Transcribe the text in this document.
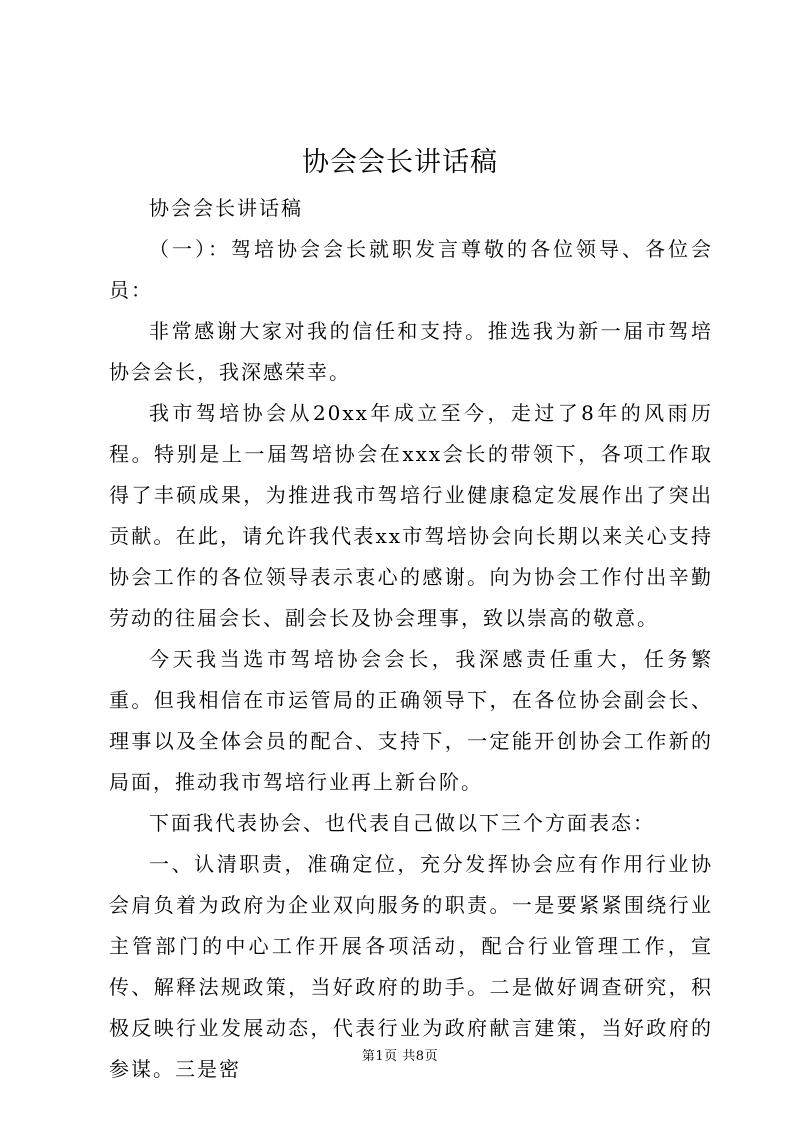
协会会长讲话稿

协会会长讲话稿

（一）：驾培协会会长就职发言尊敬的各位领导、各位会员：

非常感谢大家对我的信任和支持。推选我为新一届市驾培协会会长，我深感荣幸。

我市驾培协会从20xx年成立至今，走过了8年的风雨历程。特别是上一届驾培协会在xxx会长的带领下，各项工作取得了丰硕成果，为推进我市驾培行业健康稳定发展作出了突出贡献。在此，请允许我代表xx市驾培协会向长期以来关心支持协会工作的各位领导表示衷心的感谢。向为协会工作付出辛勤劳动的往届会长、副会长及协会理事，致以崇高的敬意。

今天我当选市驾培协会会长，我深感责任重大，任务繁重。但我相信在市运管局的正确领导下，在各位协会副会长、理事以及全体会员的配合、支持下，一定能开创协会工作新的局面，推动我市驾培行业再上新台阶。

下面我代表协会、也代表自己做以下三个方面表态：

一、认清职责，准确定位，充分发挥协会应有作用行业协会肩负着为政府为企业双向服务的职责。一是要紧紧围绕行业主管部门的中心工作开展各项活动，配合行业管理工作，宣传、解释法规政策，当好政府的助手。二是做好调查研究，积极反映行业发展动态，代表行业为政府献言建策，当好政府的参谋。三是密

第1页 共8页
